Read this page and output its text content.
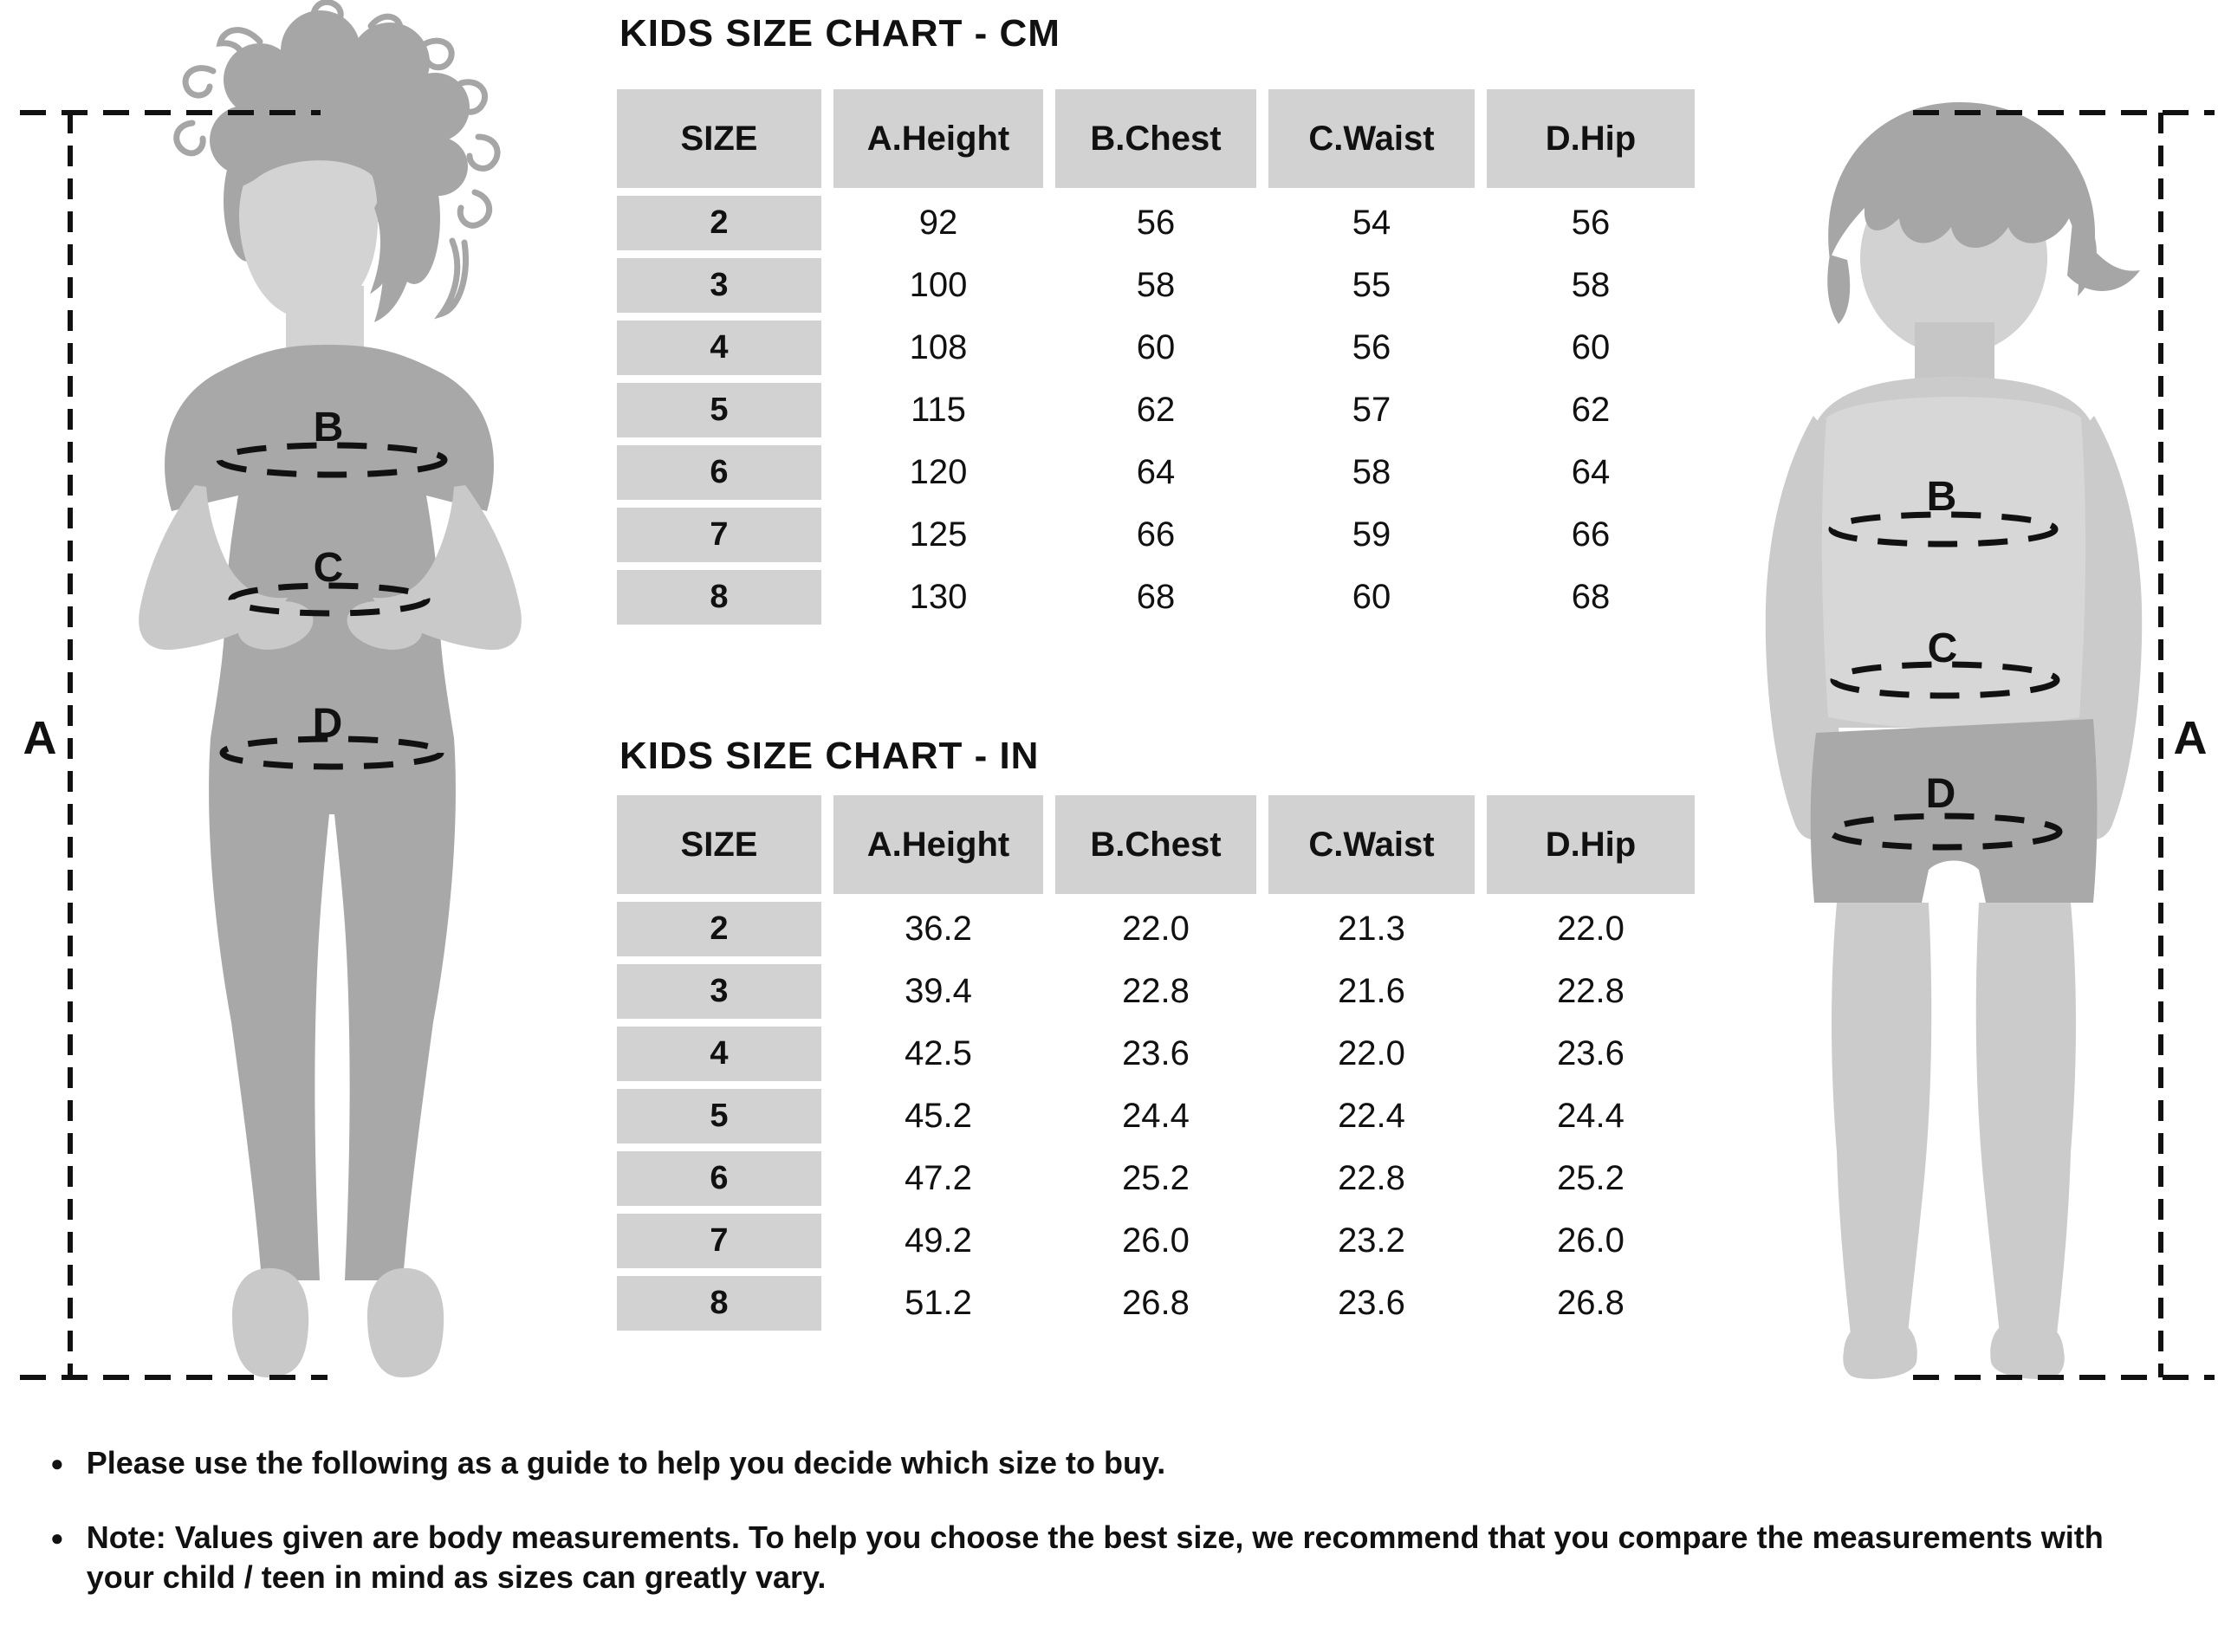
B
C
D
B
C
D
A	A
KIDS SIZE CHART - CM
SIZE	A.Height	B.Chest	C.Waist	D.Hip
2	92	56	54	56
3	100	58	55	58
4	108	60	56	60
5	115	62	57	62
6	120	64	58	64
7	125	66	59	66
8	130	68	60	68
KIDS SIZE CHART - IN
SIZE	A.Height	B.Chest	C.Waist	D.Hip
2	36.2	22.0	21.3	22.0
3	39.4	22.8	21.6	22.8
4	42.5	23.6	22.0	23.6
5	45.2	24.4	22.4	24.4
6	47.2	25.2	22.8	25.2
7	49.2	26.0	23.2	26.0
8	51.2	26.8	23.6	26.8
● Please use the following as a guide to help you decide which size to buy.
● Note: Values given are body measurements. To help you choose the best size, we recommend that you compare the measurements with your child / teen in mind as sizes can greatly vary.
